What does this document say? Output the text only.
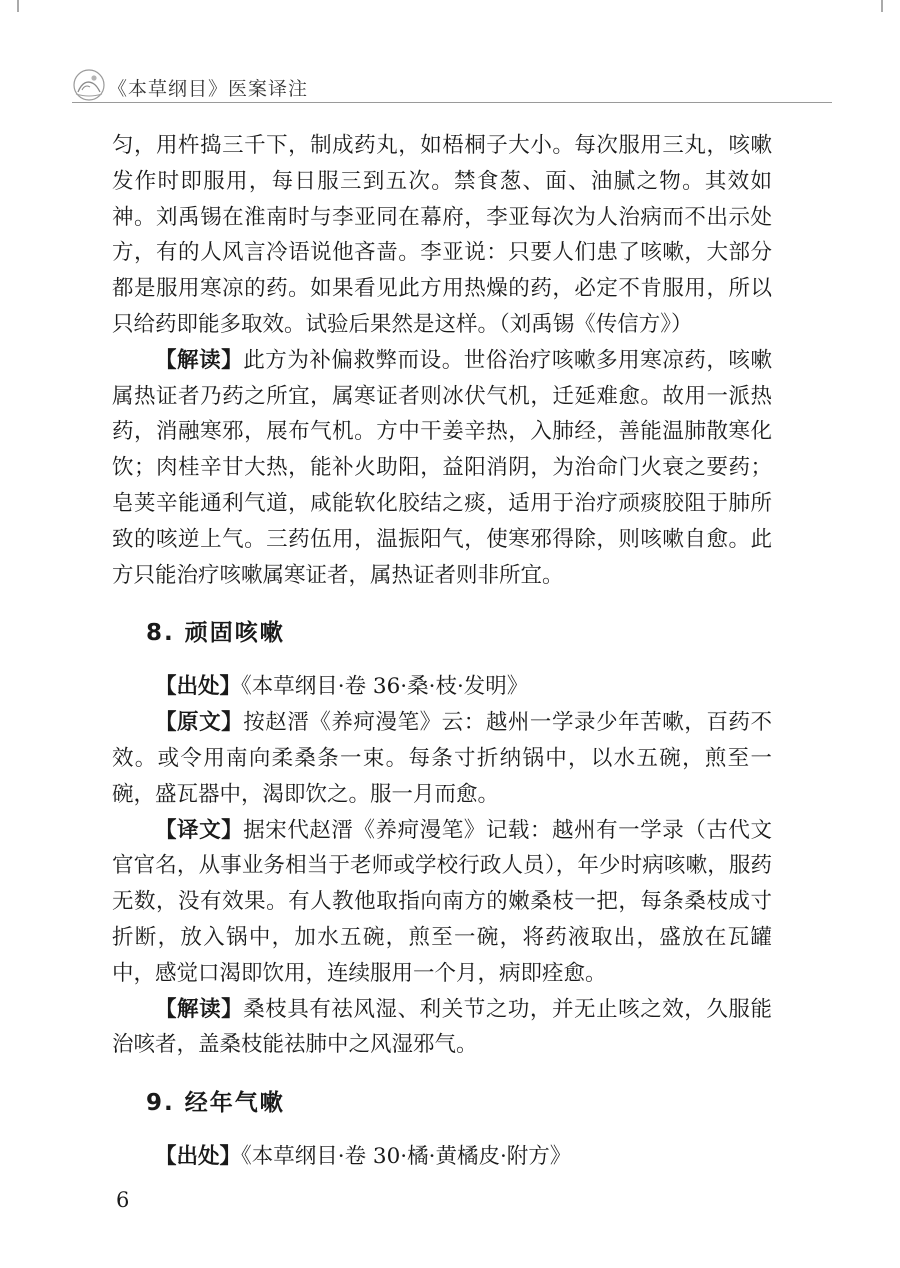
《本草纲目》医案译注

匀，用杵捣三千下，制成药丸，如梧桐子大小。每次服用三丸，咳嗽发作时即服用，每日服三到五次。禁食葱、面、油腻之物。其效如神。刘禹锡在淮南时与李亚同在幕府，李亚每次为人治病而不出示处方，有的人风言冷语说他吝啬。李亚说：只要人们患了咳嗽，大部分都是服用寒凉的药。如果看见此方用热燥的药，必定不肯服用，所以只给药即能多取效。试验后果然是这样。（刘禹锡《传信方》）

【解读】此方为补偏救弊而设。世俗治疗咳嗽多用寒凉药，咳嗽属热证者乃药之所宜，属寒证者则冰伏气机，迁延难愈。故用一派热药，消融寒邪，展布气机。方中干姜辛热，入肺经，善能温肺散寒化饮；肉桂辛甘大热，能补火助阳，益阳消阴，为治命门火衰之要药；皂荚辛能通利气道，咸能软化胶结之痰，适用于治疗顽痰胶阻于肺所致的咳逆上气。三药伍用，温振阳气，使寒邪得除，则咳嗽自愈。此方只能治疗咳嗽属寒证者，属热证者则非所宜。

8. 顽固咳嗽

【出处】《本草纲目·卷 36·桑·枝·发明》

【原文】按赵溍《养疴漫笔》云：越州一学录少年苦嗽，百药不效。或令用南向柔桑条一束。每条寸折纳锅中，以水五碗，煎至一碗，盛瓦器中，渴即饮之。服一月而愈。

【译文】据宋代赵溍《养疴漫笔》记载：越州有一学录（古代文官官名，从事业务相当于老师或学校行政人员），年少时病咳嗽，服药无数，没有效果。有人教他取指向南方的嫩桑枝一把，每条桑枝成寸折断，放入锅中，加水五碗，煎至一碗，将药液取出，盛放在瓦罐中，感觉口渴即饮用，连续服用一个月，病即痊愈。

【解读】桑枝具有祛风湿、利关节之功，并无止咳之效，久服能治咳者，盖桑枝能祛肺中之风湿邪气。

9. 经年气嗽

【出处】《本草纲目·卷 30·橘·黄橘皮·附方》

6
